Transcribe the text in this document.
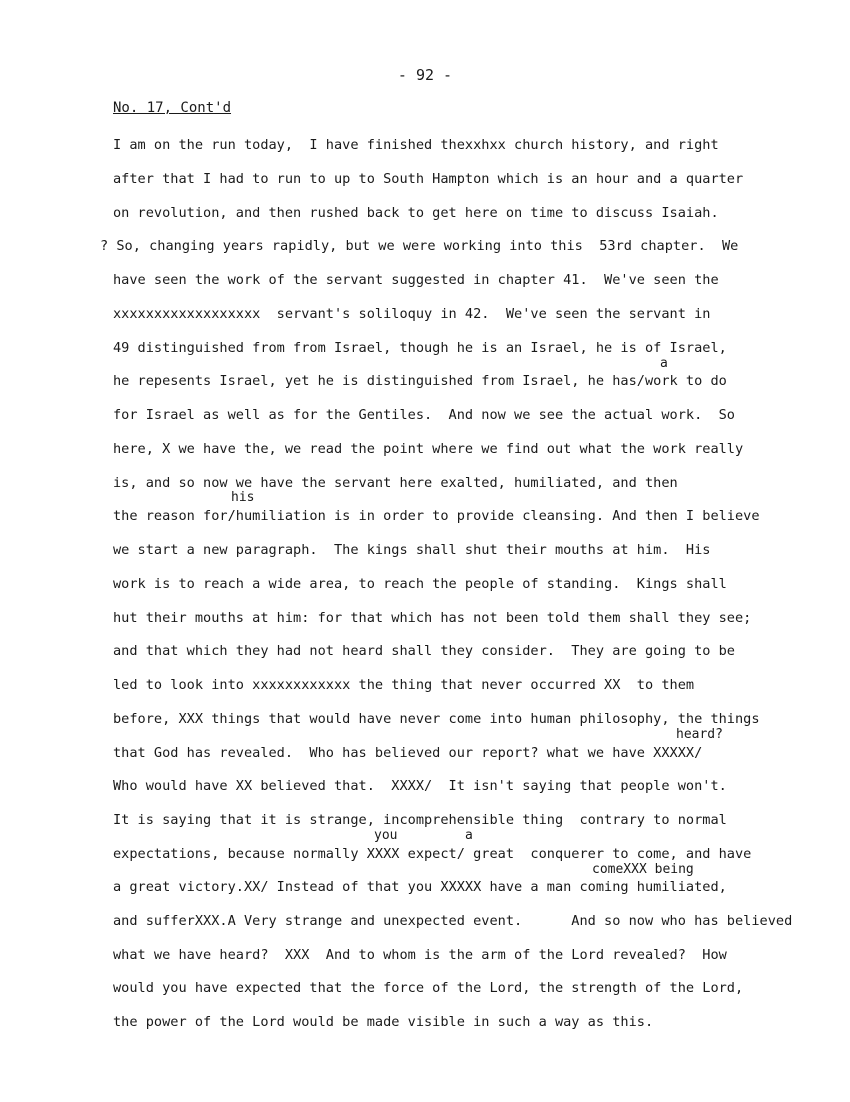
- 92 -
No. 17, Cont'd
I am on the run today,  I have finished thexxhxx church history, and right
after that I had to run to up to South Hampton which is an hour and a quarter
on revolution, and then rushed back to get here on time to discuss Isaiah.
? So, changing years rapidly, but we were working into this  53rd chapter.  We
have seen the work of the servant suggested in chapter 41.  We've seen the
xxxxxxxxxxxxxxxxxx  servant's soliloquy in 42.  We've seen the servant in
49 distinguished from from Israel, though he is an Israel, he is of Israel,
a
he repesents Israel, yet he is distinguished from Israel, he has/work to do
for Israel as well as for the Gentiles.  And now we see the actual work.  So
here, X we have the, we read the point where we find out what the work really
is, and so now we have the servant here exalted, humiliated, and then
his
the reason for/humiliation is in order to provide cleansing. And then I believe
we start a new paragraph.  The kings shall shut their mouths at him.  His
work is to reach a wide area, to reach the people of standing.  Kings shall
hut their mouths at him: for that which has not been told them shall they see;
and that which they had not heard shall they consider.  They are going to be
led to look into xxxxxxxxxxxx the thing that never occurred XX  to them
before, XXX things that would have never come into human philosophy, the things
heard?
that God has revealed.  Who has believed our report? what we have XXXXX/
Who would have XX believed that.  XXXX/  It isn't saying that people won't.
It is saying that it is strange, incomprehensible thing  contrary to normal
you	a
expectations, because normally XXXX expect/ great  conquerer to come, and have
comeXXX being
a great victory.XX/ Instead of that you XXXXX have a man coming humiliated,
and sufferXXX.A Very strange and unexpected event.      And so now who has believed
what we have heard?  XXX  And to whom is the arm of the Lord revealed?  How
would you have expected that the force of the Lord, the strength of the Lord,
the power of the Lord would be made visible in such a way as this.
